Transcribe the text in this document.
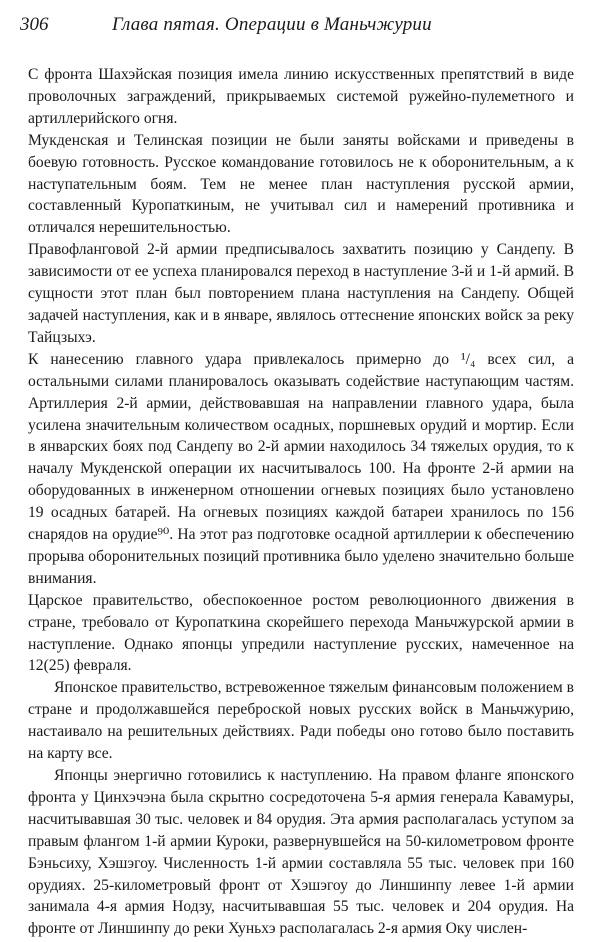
306	Глава пятая. Операции в Маньчжурии

С фронта Шахэйская позиция имела линию искусственных препятствий в виде проволочных заграждений, прикрываемых системой ружейно-пулеметного и артиллерийского огня.

Мукденская и Телинская позиции не были заняты войсками и приведены в боевую готовность. Русское командование готовилось не к оборонительным, а к наступательным боям. Тем не менее план наступления русской армии, составленный Куропаткиным, не учитывал сил и намерений противника и отличался нерешительностью.

Правофланговой 2-й армии предписывалось захватить позицию у Сандепу. В зависимости от ее успеха планировался переход в наступление 3-й и 1-й армий. В сущности этот план был повторением плана наступления на Сандепу. Общей задачей наступления, как и в январе, являлось оттеснение японских войск за реку Тайцзыхэ.

К нанесению главного удара привлекалось примерно до ¹/₄ всех сил, а остальными силами планировалось оказывать содействие наступающим частям. Артиллерия 2-й армии, действовавшая на направлении главного удара, была усилена значительным количеством осадных, поршневых орудий и мортир. Если в январских боях под Сандепу во 2-й армии находилось 34 тяжелых орудия, то к началу Мукденской операции их насчитывалось 100. На фронте 2-й армии на оборудованных в инженерном отношении огневых позициях было установлено 19 осадных батарей. На огневых позициях каждой батареи хранилось по 156 снарядов на орудие⁹⁰. На этот раз подготовке осадной артиллерии к обеспечению прорыва оборонительных позиций противника было уделено значительно больше внимания.

Царское правительство, обеспокоенное ростом революционного движения в стране, требовало от Куропаткина скорейшего перехода Маньчжурской армии в наступление. Однако японцы упредили наступление русских, намеченное на 12(25) февраля.

Японское правительство, встревоженное тяжелым финансовым положением в стране и продолжавшейся переброской новых русских войск в Маньчжурию, настаивало на решительных действиях. Ради победы оно готово было поставить на карту все.

Японцы энергично готовились к наступлению. На правом фланге японского фронта у Цинхэчэна была скрытно сосредоточена 5-я армия генерала Кавамуры, насчитывавшая 30 тыс. человек и 84 орудия. Эта армия располагалась уступом за правым флангом 1-й армии Куроки, развернувшейся на 50-километровом фронте Бэньсиху, Хэшэгоу. Численность 1-й армии составляла 55 тыс. человек при 160 орудиях. 25-километровый фронт от Хэшэгоу до Линшинпу левее 1-й армии занимала 4-я армия Нодзу, насчитывавшая 55 тыс. человек и 204 орудия. На фронте от Линшинпу до реки Хуньхэ располагалась 2-я армия Оку числен-
